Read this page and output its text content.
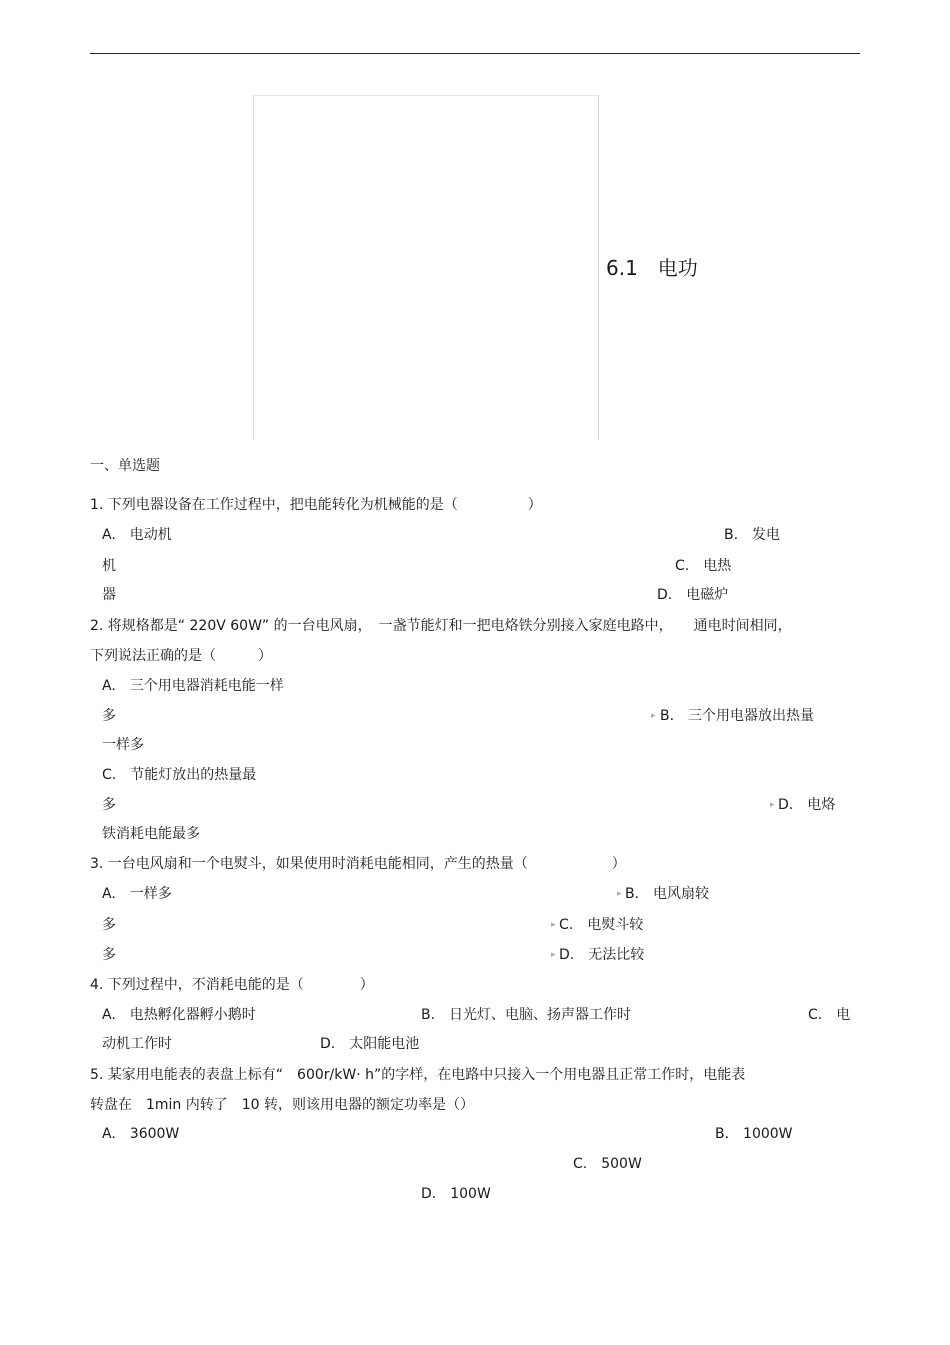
6.1　电功
一、单选题
1. 下列电器设备在工作过程中，把电能转化为机械能的是（　　　　　）
A.　电动机	B.　发电
机	C.　电热
器	D.　电磁炉
2. 将规格都是“ 220V 60W” 的一台电风扇，　一盏节能灯和一把电烙铁分别接入家庭电路中，　　通电时间相同，
下列说法正确的是（　　　）
A.　三个用电器消耗电能一样
多	▸ B.　三个用电器放出热量
一样多
C.　节能灯放出的热量最
多	▸ D.　电烙
铁消耗电能最多
3. 一台电风扇和一个电熨斗，如果使用时消耗电能相同，产生的热量（　　　　　　）
A.　一样多	▸ B.　电风扇较
多	▸ C.　电熨斗较
多	▸ D.　无法比较
4. 下列过程中，不消耗电能的是（　　　　）
A.　电热孵化器孵小鹅时	B.　日光灯、电脑、扬声器工作时	C.　电
动机工作时	D.　太阳能电池
5. 某家用电能表的表盘上标有“　600r/kW· h”的字样，在电路中只接入一个用电器且正常工作时，电能表
转盘在　1min 内转了　10 转，则该用电器的额定功率是（）
A.　3600W	B.　1000W
C.　500W
D.　100W
